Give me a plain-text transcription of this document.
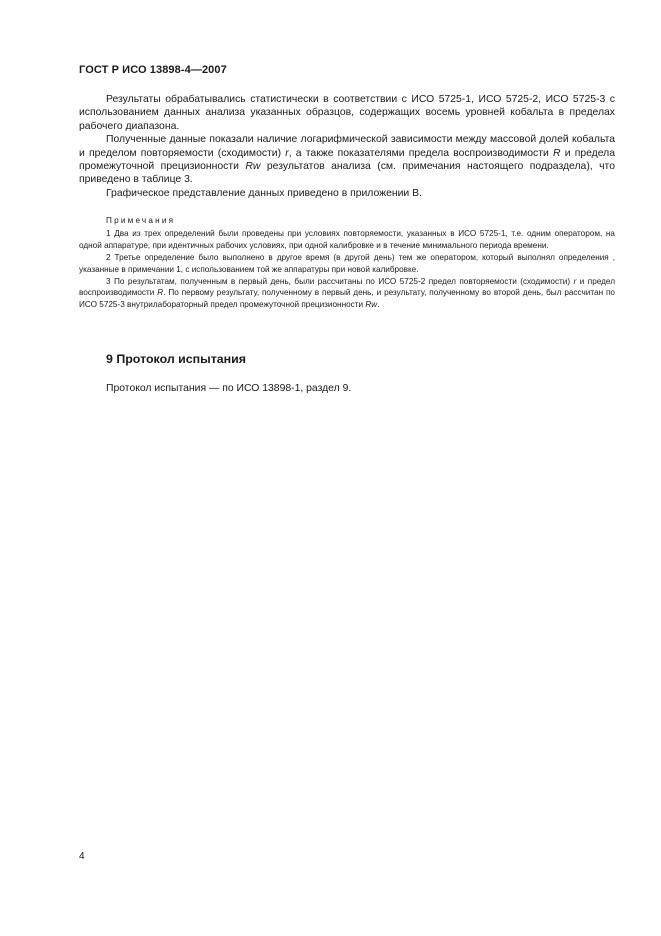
ГОСТ Р ИСО 13898-4—2007

Результаты обрабатывались статистически в соответствии с ИСО 5725-1, ИСО 5725-2, ИСО 5725-3 с использованием данных анализа указанных образцов, содержащих восемь уровней кобальта в пределах рабочего диапазона.

Полученные данные показали наличие логарифмической зависимости между массовой долей кобальта и пределом повторяемости (сходимости) r, а также показателями предела воспроизводимости R и предела промежуточной прецизионности Rw результатов анализа (см. примечания настоящего подраздела), что приведено в таблице 3.

Графическое представление данных приведено в приложении В.

Примечания

1 Два из трех определений были проведены при условиях повторяемости, указанных в ИСО 5725-1, т.е. одним оператором, на одной аппаратуре, при идентичных рабочих условиях, при одной калибровке и в течение минимального периода времени.

2 Третье определение было выполнено в другое время (в другой день) тем же оператором, который выполнял определения , указанные в примечании 1, с использованием той же аппаратуры при новой калибровке.

3 По результатам, полученным в первый день, были рассчитаны по ИСО 5725-2 предел повторяемости (сходимости) r и предел воспроизводимости R. По первому результату, полученному в первый день, и результату, полученному во второй день, был рассчитан по ИСО 5725-3 внутрилабораторный предел промежуточной прецизионности Rw.

9 Протокол испытания
Протокол испытания — по ИСО 13898-1, раздел 9.
4
